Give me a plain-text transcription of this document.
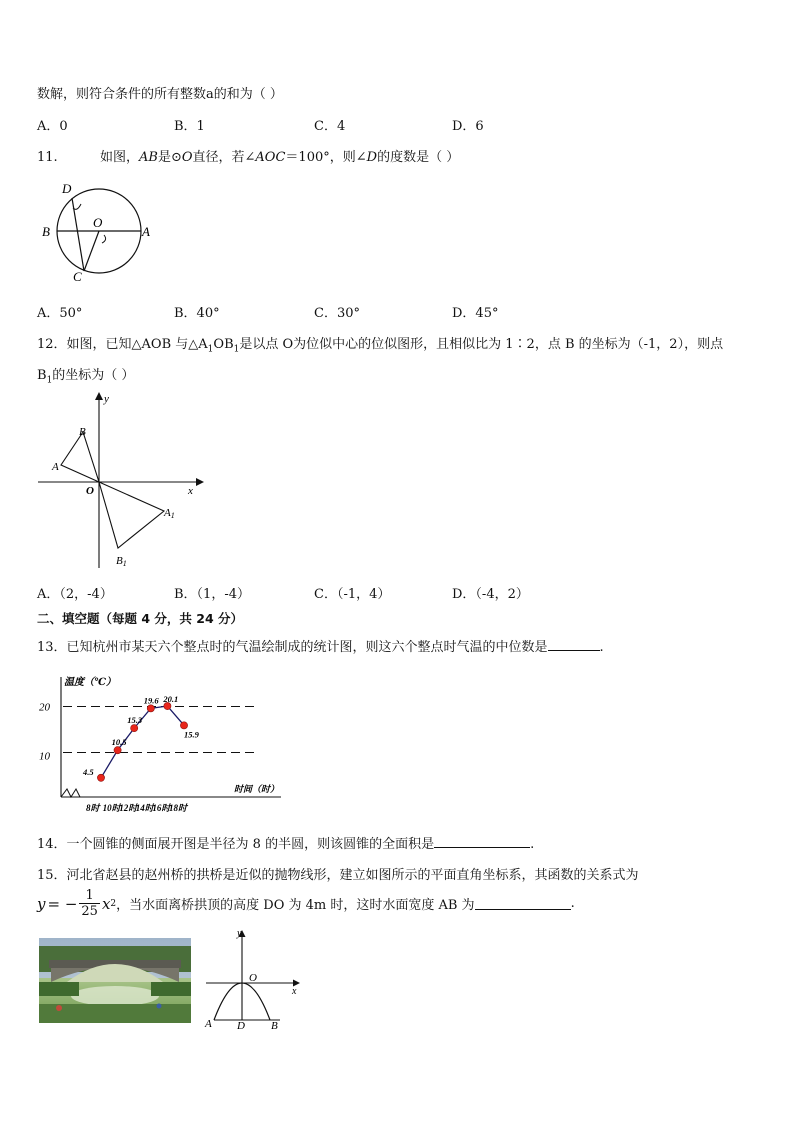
数解，则符合条件的所有整数a的和为（ ）
A．0	B．1	C．4	D．6
11.	如图，AB是⊙O直径，若∠AOC＝100°，则∠D的度数是（ ）
D
B
O
A
C
A．50°	B．40°	C．30°	D．45°
12．如图，已知△AOB 与$\triangle A_1OB_1$是以点 O为位似中心的位似图形，且相似比为 1∶2，点 B 的坐标为（-1，2），则点
$B_1$的坐标为（ ）
y
x
B
A
O
A1
B1
A．（2，-4）	B．（1，-4）	C．（-1，4）	D．（-4，2）
二、填空题（每题 4 分，共 24 分）
13．已知杭州市某天六个整点时的气温绘制成的统计图，则这六个整点时气温的中位数是	.
温度（℃）
时间（时）
10
20
4.5
10.5
15.3
19.6 20.1
15.9
8时 10时
12时
14时
16时
18时
14．一个圆锥的侧面展开图是半径为 8 的半圆，则该圆锥的全面积是	.
15．河北省赵县的赵州桥的拱桥是近似的抛物线形，建立如图所示的平面直角坐标系，其函数的关系式为
y = − $\frac{1}{25}$ x 2 ，当水面离桥拱顶的高度 DO 为 4m 时，这时水面宽度 AB 为	.
y
O
x
A D B
